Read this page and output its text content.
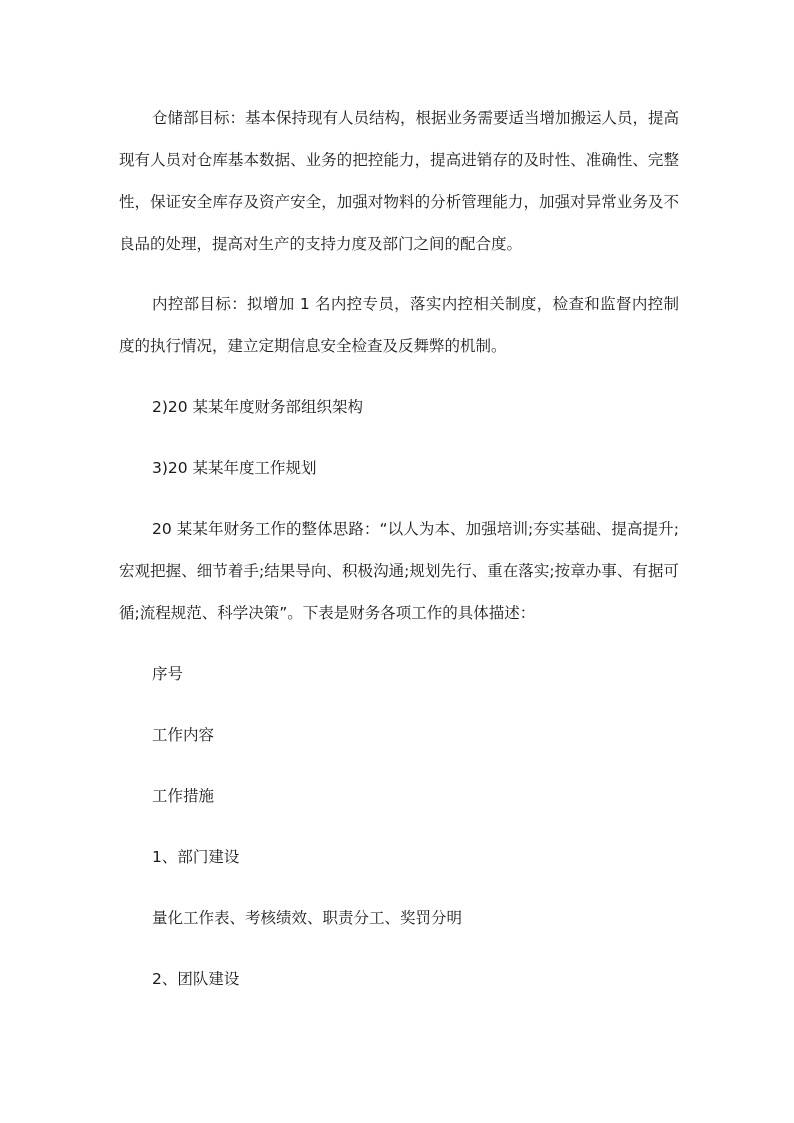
仓储部目标：基本保持现有人员结构，根据业务需要适当增加搬运人员，提高现有人员对仓库基本数据、业务的把控能力，提高进销存的及时性、准确性、完整性，保证安全库存及资产安全，加强对物料的分析管理能力，加强对异常业务及不良品的处理，提高对生产的支持力度及部门之间的配合度。

内控部目标：拟增加 1 名内控专员，落实内控相关制度，检查和监督内控制度的执行情况，建立定期信息安全检查及反舞弊的机制。

2)20 某某年度财务部组织架构

3)20 某某年度工作规划

20 某某年财务工作的整体思路：“以人为本、加强培训;夯实基础、提高提升;宏观把握、细节着手;结果导向、积极沟通;规划先行、重在落实;按章办事、有据可循;流程规范、科学决策”。下表是财务各项工作的具体描述：

序号

工作内容

工作措施

1、部门建设

量化工作表、考核绩效、职责分工、奖罚分明

2、团队建设
